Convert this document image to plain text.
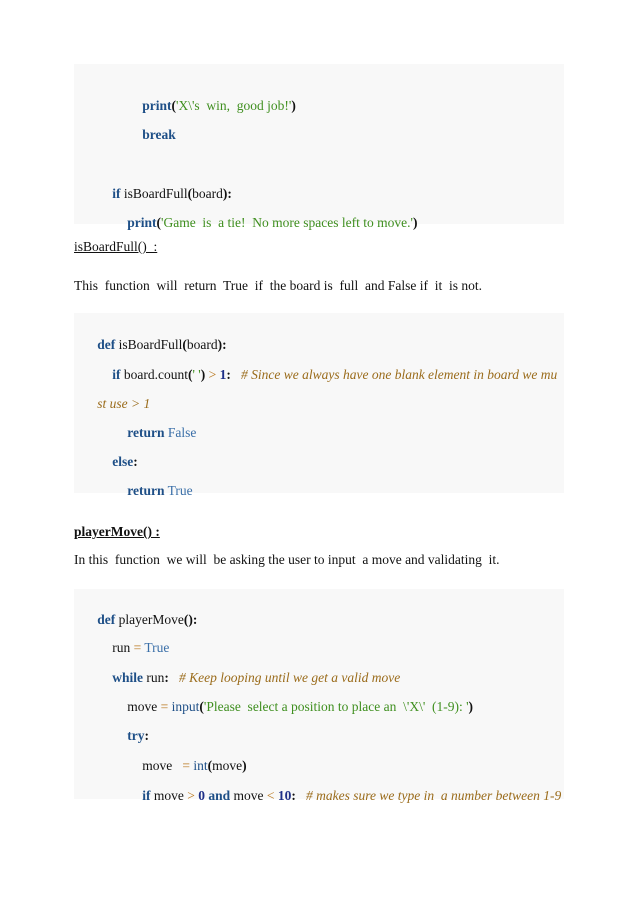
print('X\'s  win,  good job!')

break

if isBoardFull(board):

print('Game  is  a tie!  No more spaces left to move.')

isBoardFull()  :
This  function  will  return  True  if  the board is  full  and False if  it  is not.

def isBoardFull(board):

if board.count(' ') > 1:   # Since we always have one blank element in board we mu

st use > 1

return False

else:

return True

playerMove() :
In this  function  we will  be asking the user to input  a move and validating  it.

def playerMove():

run = True

while run:   # Keep looping until we get a valid move

move = input('Please  select a position to place an  \'X\'  (1-9): ')

try:

move   = int(move)

if move > 0 and move < 10:   # makes sure we type in  a number between 1-9
